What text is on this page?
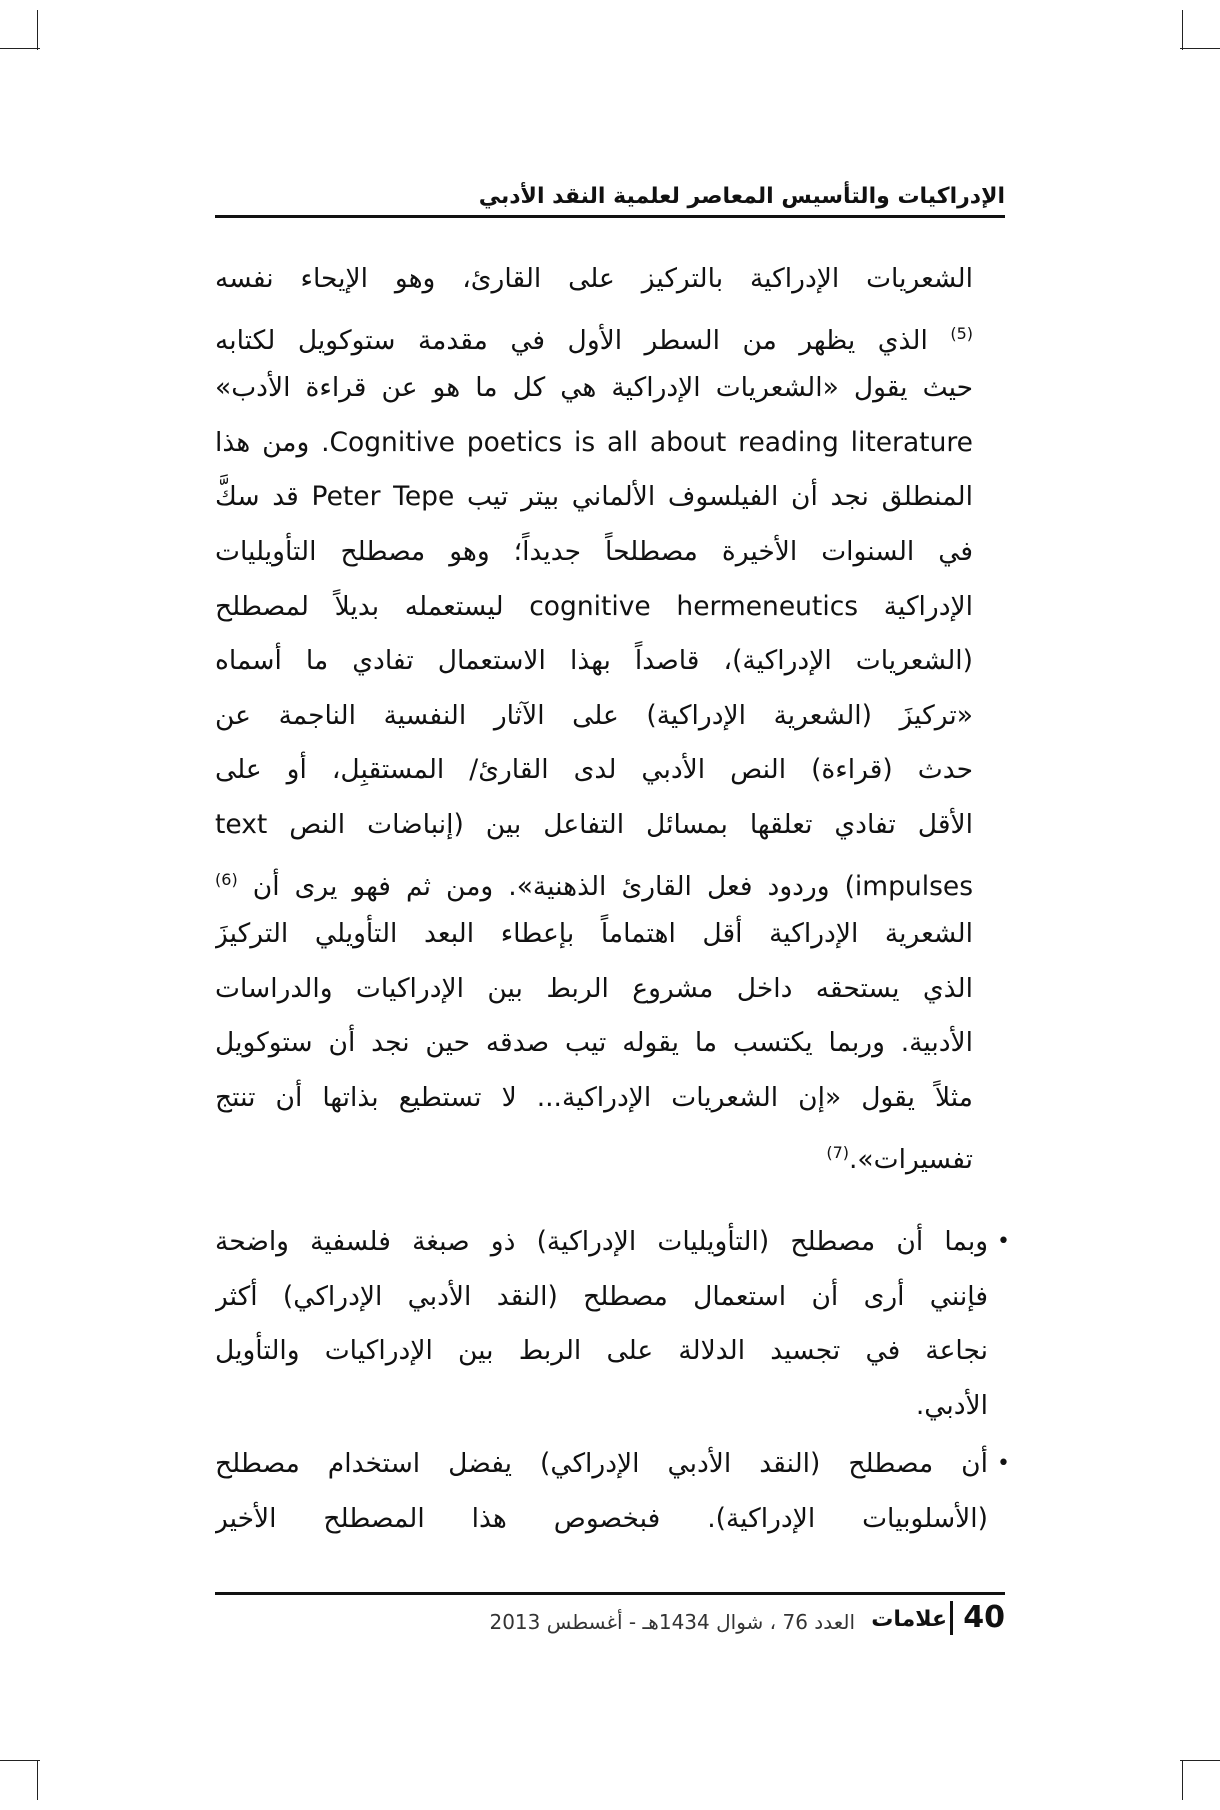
الإدراكيات والتأسيس المعاصر لعلمية النقد الأدبي
الشعريات الإدراكية بالتركيز على القارئ، وهو الإيحاء نفسه
$^{(5)}$ الذي يظهر من السطر الأول في مقدمة ستوكويل لكتابه
حيث يقول «الشعريات الإدراكية هي كل ما هو عن قراءة الأدب»
Cognitive poetics is all about reading literature. ومن هذا
المنطلق نجد أن الفيلسوف الألماني بيتر تيب Peter Tepe قد سكَّ
في السنوات الأخيرة مصطلحاً جديداً؛ وهو مصطلح التأويليات
الإدراكية cognitive hermeneutics ليستعمله بديلاً لمصطلح
(الشعريات الإدراكية)، قاصداً بهذا الاستعمال تفادي ما أسماه
«تركيزَ (الشعرية الإدراكية) على الآثار النفسية الناجمة عن
حدث (قراءة) النص الأدبي لدى القارئ/ المستقبِل، أو على
الأقل تفادي تعلقها بمسائل التفاعل بين (إنباضات النص text
impulses) وردود فعل القارئ الذهنية». ومن ثم فهو يرى أن $^{(6)}$
الشعرية الإدراكية أقل اهتماماً بإعطاء البعد التأويلي التركيزَ
الذي يستحقه داخل مشروع الربط بين الإدراكيات والدراسات
الأدبية. وربما يكتسب ما يقوله تيب صدقه حين نجد أن ستوكويل
مثلاً يقول «إن الشعريات الإدراكية... لا تستطيع بذاتها أن تنتج
تفسيرات».$^{(7)}$
•
وبما أن مصطلح (التأويليات الإدراكية) ذو صبغة فلسفية واضحة
فإنني أرى أن استعمال مصطلح (النقد الأدبي الإدراكي) أكثر
نجاعة في تجسيد الدلالة على الربط بين الإدراكيات والتأويل
الأدبي.
•
أن مصطلح (النقد الأدبي الإدراكي) يفضل استخدام مصطلح
(الأسلوبيات الإدراكية). فبخصوص هذا المصطلح الأخير
40
علامات
العدد 76 ، شوال 1434هـ - أغسطس 2013
